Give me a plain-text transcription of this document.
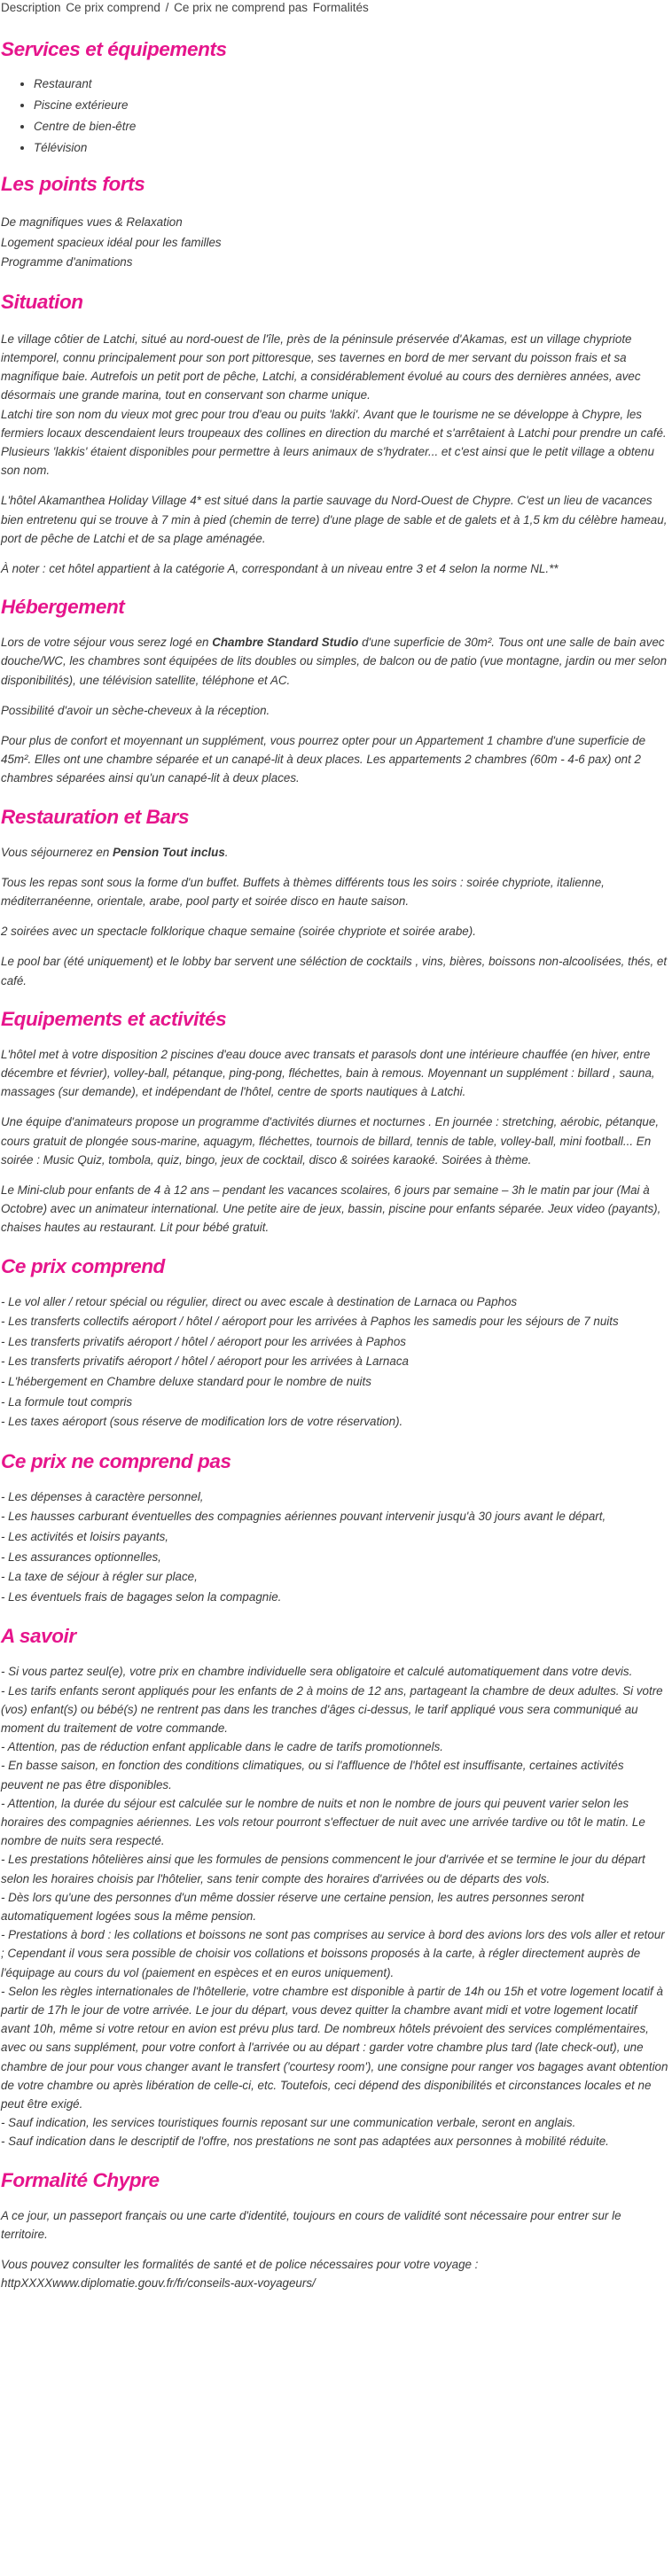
Description Ce prix comprend / Ce prix ne comprend pas Formalités
Services et équipements
• Restaurant
• Piscine extérieure
• Centre de bien-être
• Télévision
Les points forts
De magnifiques vues & Relaxation
Logement spacieux idéal pour les familles
Programme d'animations
Situation

Le village côtier de Latchi, situé au nord-ouest de l'île, près de la péninsule préservée d'Akamas, est un village chypriote intemporel, connu principalement pour son port pittoresque, ses tavernes en bord de mer servant du poisson frais et sa magnifique baie. Autrefois un petit port de pêche, Latchi, a considérablement évolué au cours des dernières années, avec désormais une grande marina, tout en conservant son charme unique.

Latchi tire son nom du vieux mot grec pour trou d'eau ou puits 'lakki'. Avant que le tourisme ne se développe à Chypre, les fermiers locaux descendaient leurs troupeaux des collines en direction du marché et s'arrêtaient à Latchi pour prendre un café. Plusieurs 'lakkis' étaient disponibles pour permettre à leurs animaux de s'hydrater... et c'est ainsi que le petit village a obtenu son nom.

L'hôtel Akamanthea Holiday Village 4* est situé dans la partie sauvage du Nord-Ouest de Chypre. C'est un lieu de vacances bien entretenu qui se trouve à 7 min à pied (chemin de terre) d'une plage de sable et de galets et à 1,5 km du célèbre hameau, port de pêche de Latchi et de sa plage aménagée.

À noter : cet hôtel appartient à la catégorie A, correspondant à un niveau entre 3 et 4 selon la norme NL.**

Hébergement

Lors de votre séjour vous serez logé en Chambre Standard Studio d'une superficie de 30m². Tous ont une salle de bain avec douche/WC, les chambres sont équipées de lits doubles ou simples, de balcon ou de patio (vue montagne, jardin ou mer selon disponibilités), une télévision satellite, téléphone et AC.

Possibilité d'avoir un sèche-cheveux à la réception.

Pour plus de confort et moyennant un supplément, vous pourrez opter pour un Appartement 1 chambre d'une superficie de 45m². Elles ont une chambre séparée et un canapé-lit à deux places. Les appartements 2 chambres (60m - 4-6 pax) ont 2 chambres séparées ainsi qu'un canapé-lit à deux places.

Restauration et Bars

Vous séjournerez en Pension Tout inclus.

Tous les repas sont sous la forme d'un buffet. Buffets à thèmes différents tous les soirs : soirée chypriote, italienne, méditerranéenne, orientale, arabe, pool party et soirée disco en haute saison.

2 soirées avec un spectacle folklorique chaque semaine (soirée chypriote et soirée arabe).

Le pool bar (été uniquement) et le lobby bar servent une séléction de cocktails , vins, bières, boissons non-alcoolisées, thés, et café.

Equipements et activités

L'hôtel met à votre disposition 2 piscines d'eau douce avec transats et parasols dont une intérieure chauffée (en hiver, entre décembre et février), volley-ball, pétanque, ping-pong, fléchettes, bain à remous. Moyennant un supplément : billard , sauna, massages (sur demande), et indépendant de l'hôtel, centre de sports nautiques à Latchi.

Une équipe d'animateurs propose un programme d'activités diurnes et nocturnes . En journée : stretching, aérobic, pétanque, cours gratuit de plongée sous-marine, aquagym, fléchettes, tournois de billard, tennis de table, volley-ball, mini football... En soirée : Music Quiz, tombola, quiz, bingo, jeux de cocktail, disco & soirées karaoké. Soirées à thème.

Le Mini-club pour enfants de 4 à 12 ans – pendant les vacances scolaires, 6 jours par semaine – 3h le matin par jour (Mai à Octobre) avec un animateur international. Une petite aire de jeux, bassin, piscine pour enfants séparée. Jeux video (payants), chaises hautes au restaurant. Lit pour bébé gratuit.

Ce prix comprend
- Le vol aller / retour spécial ou régulier, direct ou avec escale à destination de Larnaca ou Paphos
- Les transferts collectifs aéroport / hôtel / aéroport pour les arrivées à Paphos les samedis pour les séjours de 7 nuits
- Les transferts privatifs aéroport / hôtel / aéroport pour les arrivées à Paphos
- Les transferts privatifs aéroport / hôtel / aéroport pour les arrivées à Larnaca
- L'hébergement en Chambre deluxe standard pour le nombre de nuits
- La formule tout compris
- Les taxes aéroport (sous réserve de modification lors de votre réservation).
Ce prix ne comprend pas
- Les dépenses à caractère personnel,
- Les hausses carburant éventuelles des compagnies aériennes pouvant intervenir jusqu'à 30 jours avant le départ,
- Les activités et loisirs payants,
- Les assurances optionnelles,
- La taxe de séjour à régler sur place,
- Les éventuels frais de bagages selon la compagnie.
A savoir

- Si vous partez seul(e), votre prix en chambre individuelle sera obligatoire et calculé automatiquement dans votre devis.

- Les tarifs enfants seront appliqués pour les enfants de 2 à moins de 12 ans, partageant la chambre de deux adultes. Si votre (vos) enfant(s) ou bébé(s) ne rentrent pas dans les tranches d'âges ci-dessus, le tarif appliqué vous sera communiqué au moment du traitement de votre commande.

- Attention, pas de réduction enfant applicable dans le cadre de tarifs promotionnels.

- En basse saison, en fonction des conditions climatiques, ou si l'affluence de l'hôtel est insuffisante, certaines activités peuvent ne pas être disponibles.

- Attention, la durée du séjour est calculée sur le nombre de nuits et non le nombre de jours qui peuvent varier selon les horaires des compagnies aériennes. Les vols retour pourront s'effectuer de nuit avec une arrivée tardive ou tôt le matin. Le nombre de nuits sera respecté.

- Les prestations hôtelières ainsi que les formules de pensions commencent le jour d'arrivée et se termine le jour du départ selon les horaires choisis par l'hôtelier, sans tenir compte des horaires d'arrivées ou de départs des vols.

- Dès lors qu'une des personnes d'un même dossier réserve une certaine pension, les autres personnes seront automatiquement logées sous la même pension.

- Prestations à bord : les collations et boissons ne sont pas comprises au service à bord des avions lors des vols aller et retour ; Cependant il vous sera possible de choisir vos collations et boissons proposés à la carte, à régler directement auprès de l'équipage au cours du vol (paiement en espèces et en euros uniquement).

- Selon les règles internationales de l'hôtellerie, votre chambre est disponible à partir de 14h ou 15h et votre logement locatif à partir de 17h le jour de votre arrivée. Le jour du départ, vous devez quitter la chambre avant midi et votre logement locatif avant 10h, même si votre retour en avion est prévu plus tard. De nombreux hôtels prévoient des services complémentaires, avec ou sans supplément, pour votre confort à l'arrivée ou au départ : garder votre chambre plus tard (late check-out), une chambre de jour pour vous changer avant le transfert ('courtesy room'), une consigne pour ranger vos bagages avant obtention de votre chambre ou après libération de celle-ci, etc. Toutefois, ceci dépend des disponibilités et circonstances locales et ne peut être exigé.

- Sauf indication, les services touristiques fournis reposant sur une communication verbale, seront en anglais.

- Sauf indication dans le descriptif de l'offre, nos prestations ne sont pas adaptées aux personnes à mobilité réduite.

Formalité Chypre

A ce jour, un passeport français ou une carte d'identité, toujours en cours de validité sont nécessaire pour entrer sur le territoire.

Vous pouvez consulter les formalités de santé et de police nécessaires pour votre voyage :

httpXXXXwww.diplomatie.gouv.fr/fr/conseils-aux-voyageurs/
